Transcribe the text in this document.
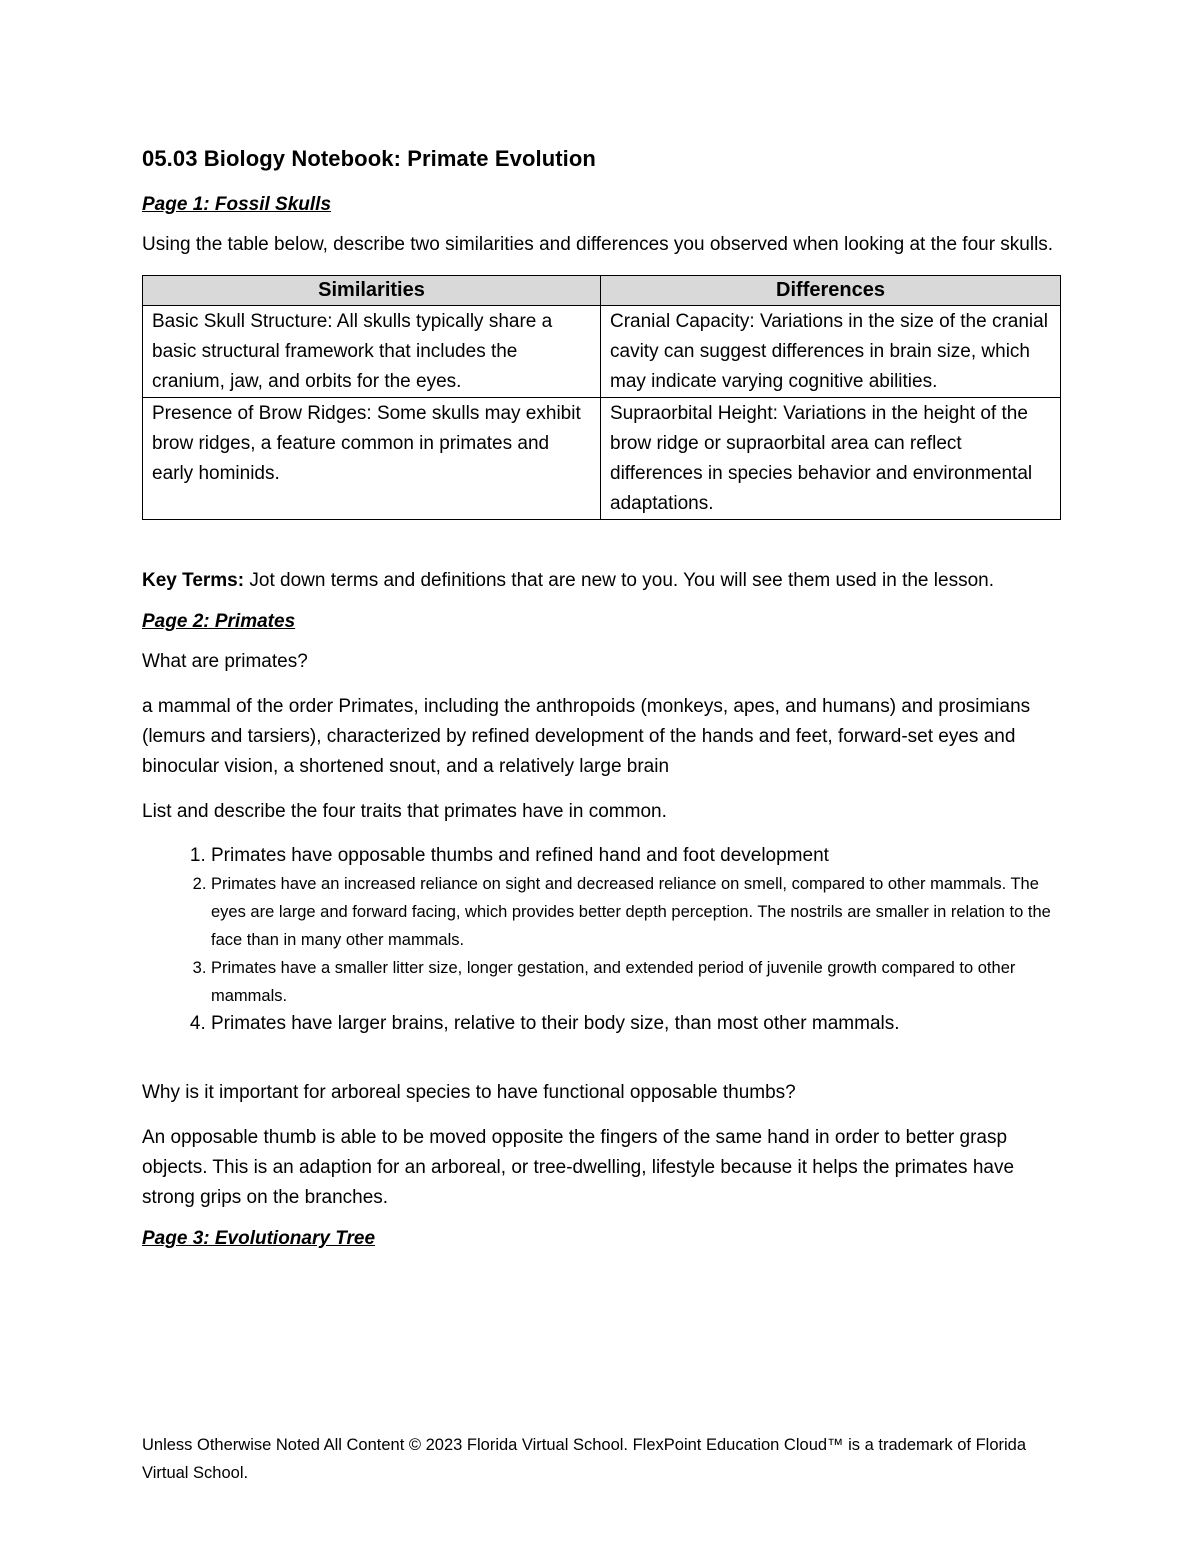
05.03 Biology Notebook: Primate Evolution
Page 1: Fossil Skulls

Using the table below, describe two similarities and differences you observed when looking at the four skulls.

Similarities	Differences
Basic Skull Structure: All skulls typically share a basic structural framework that includes the cranium, jaw, and orbits for the eyes.	Cranial Capacity: Variations in the size of the cranial cavity can suggest differences in brain size, which may indicate varying cognitive abilities.
Presence of Brow Ridges: Some skulls may exhibit brow ridges, a feature common in primates and early hominids.	Supraorbital Height: Variations in the height of the brow ridge or supraorbital area can reflect differences in species behavior and environmental adaptations.

Key Terms: Jot down terms and definitions that are new to you. You will see them used in the lesson.

Page 2: Primates

What are primates?

a mammal of the order Primates, including the anthropoids (monkeys, apes, and humans) and prosimians (lemurs and tarsiers), characterized by refined development of the hands and feet, forward-set eyes and binocular vision, a shortened snout, and a relatively large brain

List and describe the four traits that primates have in common.

1. Primates have opposable thumbs and refined hand and foot development
2. Primates have an increased reliance on sight and decreased reliance on smell, compared to other mammals. The eyes are large and forward facing, which provides better depth perception. The nostrils are smaller in relation to the face than in many other mammals.
3. Primates have a smaller litter size, longer gestation, and extended period of juvenile growth compared to other mammals.
4. Primates have larger brains, relative to their body size, than most other mammals.

Why is it important for arboreal species to have functional opposable thumbs?

An opposable thumb is able to be moved opposite the fingers of the same hand in order to better grasp objects. This is an adaption for an arboreal, or tree-dwelling, lifestyle because it helps the primates have strong grips on the branches.

Page 3: Evolutionary Tree
Unless Otherwise Noted All Content © 2023 Florida Virtual School. FlexPoint Education Cloud™ is a trademark of Florida Virtual School.
